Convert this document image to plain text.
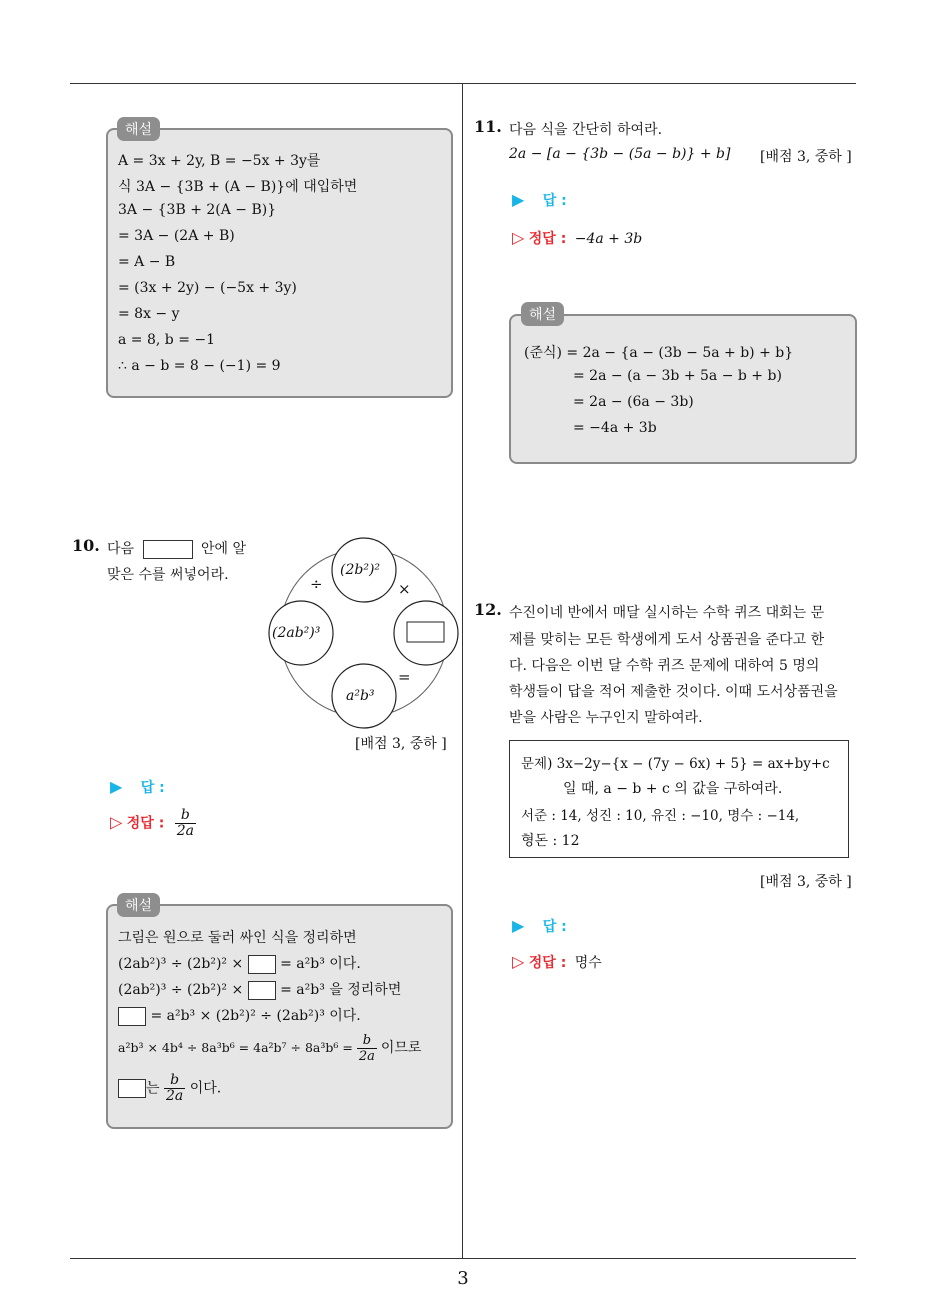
3
해설
A = 3x + 2y, B = −5x + 3y를
식 3A − {3B + (A − B)}에 대입하면
3A − {3B + 2(A − B)}
= 3A − (2A + B)
= A − B
= (3x + 2y) − (−5x + 3y)
= 8x − y
a = 8, b = −1
∴ a − b = 8 − (−1) = 9
10. 다음	안에 알
맞은 수를 써넣어라.	(2b²)²
(2ab²)³
a²b³
÷	×
=
[배점 3, 중하 ]
▶ 답 :
▷ 정답 : $\frac{b}{2a}$
해설
그림은 원으로 둘러 싸인 식을 정리하면
(2ab²)³ ÷ (2b²)² ×	= a²b³ 이다.
(2ab²)³ ÷ (2b²)² ×	= a²b³ 을 정리하면
= a²b³ × (2b²)² ÷ (2ab²)³ 이다.
$a^2b^3 \times 4b^4 \div 8a^3b^6 = 4a^2b^7 \div 8a^3b^6 = \frac{b}{2a}$ 이므로
는 $\frac{b}{2a}$ 이다.
11. 다음 식을 간단히 하여라.
2a − [a − {3b − (5a − b)} + b] [배점 3, 중하 ]
▶ 답 :
▷ 정답 : −4a + 3b
해설
(준식) = 2a − {a − (3b − 5a + b) + b}
= 2a − (a − 3b + 5a − b + b)
= 2a − (6a − 3b)
= −4a + 3b
12. 수진이네 반에서 매달 실시하는 수학 퀴즈 대회는 문
제를 맞히는 모든 학생에게 도서 상품권을 준다고 한
다. 다음은 이번 달 수학 퀴즈 문제에 대하여 5 명의
학생들이 답을 적어 제출한 것이다. 이때 도서상품권을
받을 사람은 누구인지 말하여라.
문제) 3x−2y−{x − (7y − 6x) + 5} = ax+by+c
일 때, a − b + c 의 값을 구하여라.
서준 : 14, 성진 : 10, 유진 : −10, 명수 : −14,
형돈 : 12
[배점 3, 중하 ]
▶ 답 :
▷ 정답 : 명수
